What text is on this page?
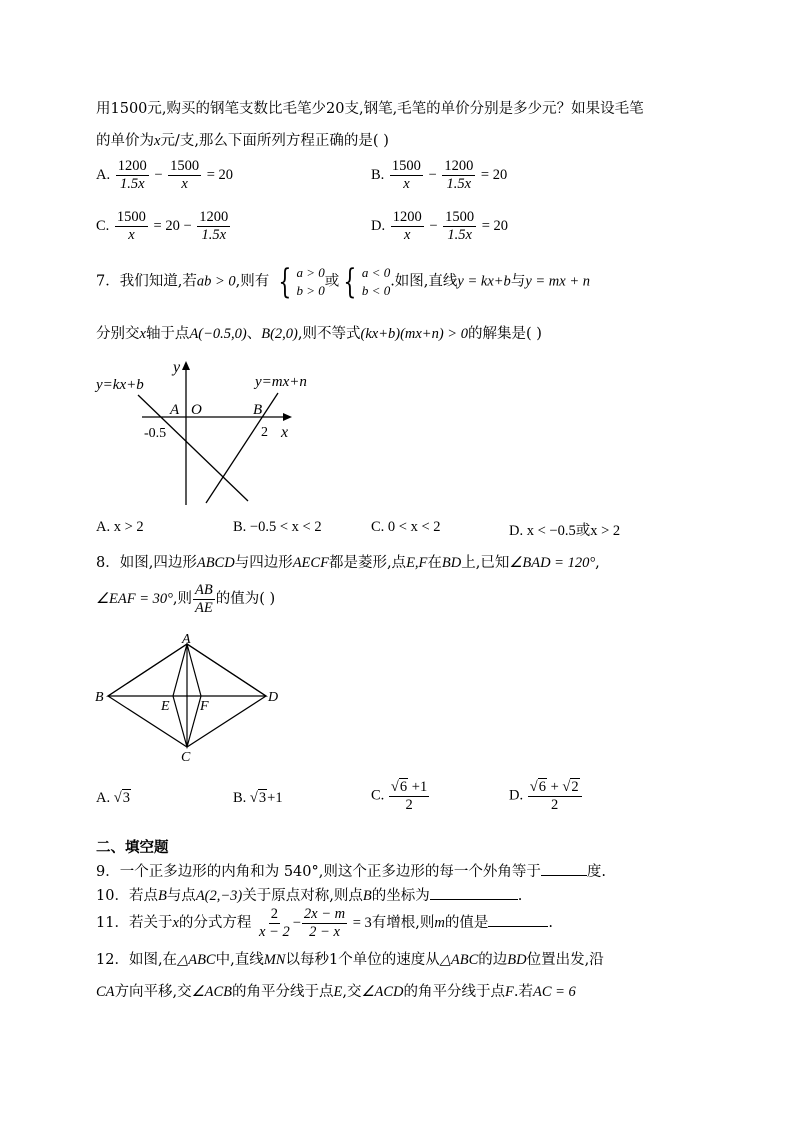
用1500元,购买的钢笔支数比毛笔少20支,钢笔,毛笔的单价分别是多少元？如果设毛笔
的单价为x元/支,那么下面所列方程正确的是( )
A. $\frac{1200}{1.5x} - \frac{1500}{x} = 20$	B. $\frac{1500}{x} - \frac{1200}{1.5x} = 20$
C. $\frac{1500}{x} = 20 - \frac{1200}{1.5x}$	D. $\frac{1200}{x} - \frac{1500}{1.5x} = 20$
7．我们知道,若ab > 0,则有 { a > 0
b > 0
或 { a < 0
b < 0
.如图,直线y = kx+b与y = mx + n
分别交x轴于点A(−0.5,0)、B(2,0),则不等式(kx+b)(mx+n) > 0的解集是( )
y=kx+b	y=mx+n
y
x
A O	B
-0.5	2
A. x > 2	B. −0.5 < x < 2	C. 0 < x < 2	D. x < −0.5或x > 2
8．如图,四边形ABCD与四边形AECF都是菱形,点E,F在BD上,已知∠BAD = 120°,
∠EAF = 30°,则 $\frac{AB}{AE}$ 的值为( )
A
B
C
D
E F
A. √3	B. √3+1	C. $\frac{√6 +1}{2}$	D. $\frac{√6 + √2}{2}$
二、填空题
9．一个正多边形的内角和为 540°,则这个正多边形的每一个外角等于	度.
10．若点B与点A(2,−3)关于原点对称,则点B的坐标为	.
11．若关于x的分式方程 $\frac{2}{x - 2} - \frac{2x - m}{2 - x} = 3$有增根,则m的值是	.
12．如图,在△ABC中,直线MN以每秒1个单位的速度从△ABC的边BD位置出发,沿
CA方向平移,交∠ACB的角平分线于点E,交∠ACD的角平分线于点F.若AC = 6
